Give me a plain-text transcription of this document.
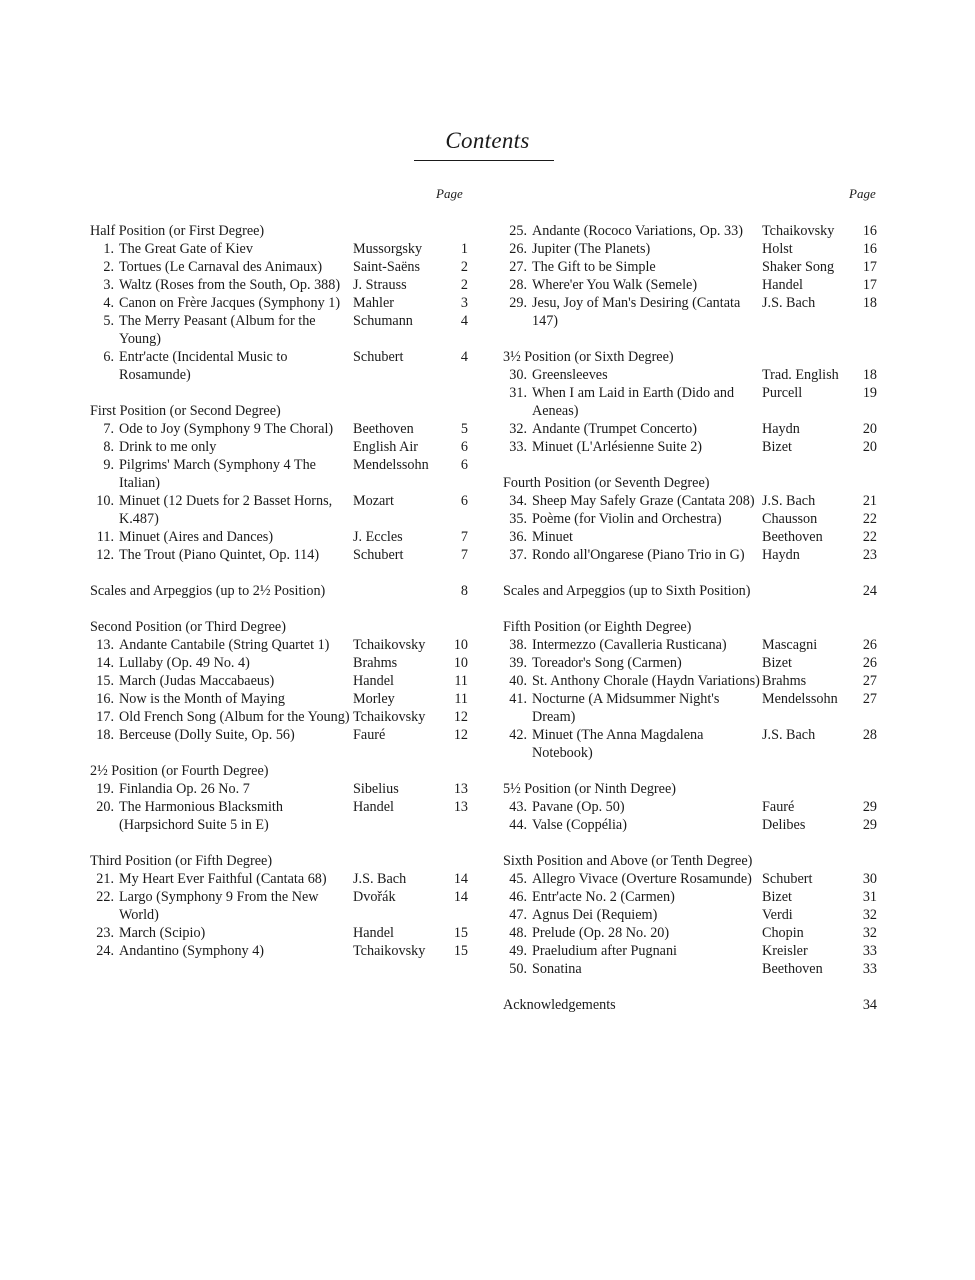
Contents
Page	Page
Half Position (or First Degree)
1. The Great Gate of Kiev	Mussorgsky	1
2. Tortues (Le Carnaval des Animaux)	Saint-Saëns	2
3. Waltz (Roses from the South, Op. 388) J. Strauss	2
4. Canon on Frère Jacques (Symphony 1) Mahler	3
5. The Merry Peasant (Album for the Young)
Schumann	4
6. Entr'acte (Incidental Music to Rosamunde)
Schubert	4
First Position (or Second Degree)
7. Ode to Joy (Symphony 9 The Choral)	Beethoven	5
8. Drink to me only	English Air	6
9. Pilgrims' March (Symphony 4 The Italian)
Mendelssohn	6
10. Minuet (12 Duets for 2 Basset Horns, K.487)
Mozart	6
11. Minuet (Aires and Dances)	J. Eccles	7
12. The Trout (Piano Quintet, Op. 114)	Schubert	7
Scales and Arpeggios (up to 2½ Position)	8
Second Position (or Third Degree)
13. Andante Cantabile (String Quartet 1)	Tchaikovsky	10
14. Lullaby (Op. 49 No. 4)	Brahms	10
15. March (Judas Maccabaeus)	Handel	11
16. Now is the Month of Maying	Morley	11
17. Old French Song (Album for the Young) Tchaikovsky	12
18. Berceuse (Dolly Suite, Op. 56)	Fauré	12
2½ Position (or Fourth Degree)
19. Finlandia Op. 26 No. 7	Sibelius	13
20. The Harmonious Blacksmith (Harpsichord Suite 5 in E)
Handel	13
Third Position (or Fifth Degree)
21. My Heart Ever Faithful (Cantata 68)	J.S. Bach	14
22. Largo (Symphony 9 From the New World)
Dvořák	14
23. March (Scipio)	Handel	15
24. Andantino (Symphony 4)	Tchaikovsky	15
25. Andante (Rococo Variations, Op. 33)	Tchaikovsky	16
26. Jupiter (The Planets)	Holst	16
27. The Gift to be Simple	Shaker Song	17
28. Where'er You Walk (Semele)	Handel	17
29. Jesu, Joy of Man's Desiring (Cantata 147)
J.S. Bach	18
3½ Position (or Sixth Degree)
30. Greensleeves	Trad. English	18
31. When I am Laid in Earth (Dido and Aeneas)
Purcell	19
32. Andante (Trumpet Concerto)	Haydn	20
33. Minuet (L'Arlésienne Suite 2)	Bizet	20
Fourth Position (or Seventh Degree)
34. Sheep May Safely Graze (Cantata 208) J.S. Bach	21
35. Poème (for Violin and Orchestra)	Chausson	22
36. Minuet	Beethoven	22
37. Rondo all'Ongarese (Piano Trio in G)	Haydn	23
Scales and Arpeggios (up to Sixth Position)	24
Fifth Position (or Eighth Degree)
38. Intermezzo (Cavalleria Rusticana)	Mascagni	26
39. Toreador's Song (Carmen)	Bizet	26
40. St. Anthony Chorale (Haydn Variations) Brahms	27
41. Nocturne (A Midsummer Night's Dream)
Mendelssohn	27
42. Minuet (The Anna Magdalena Notebook)
J.S. Bach	28
5½ Position (or Ninth Degree)
43. Pavane (Op. 50)	Fauré	29
44. Valse (Coppélia)	Delibes	29
Sixth Position and Above (or Tenth Degree)
45. Allegro Vivace (Overture Rosamunde) Schubert	30
46. Entr'acte No. 2 (Carmen)	Bizet	31
47. Agnus Dei (Requiem)	Verdi	32
48. Prelude (Op. 28 No. 20)	Chopin	32
49. Praeludium after Pugnani	Kreisler	33
50. Sonatina	Beethoven	33
Acknowledgements	34
